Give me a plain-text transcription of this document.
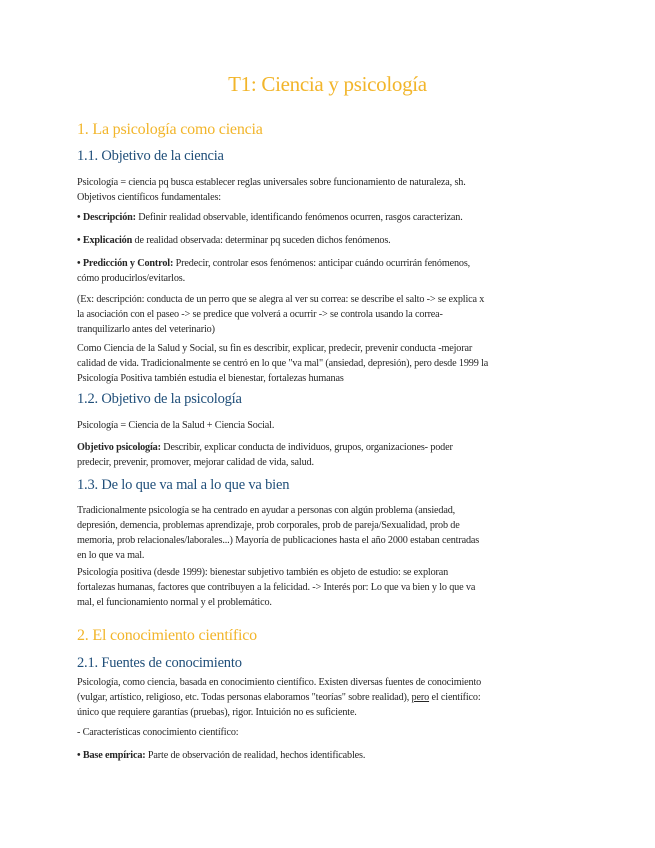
T1: Ciencia y psicología
1. La psicología como ciencia
1.1. Objetivo de la ciencia
Psicología = ciencia pq busca establecer reglas universales sobre funcionamiento de naturaleza, sh.
Objetivos científicos fundamentales:
• Descripción: Definir realidad observable, identificando fenómenos ocurren, rasgos caracterizan.
• Explicación de realidad observada: determinar pq suceden dichos fenómenos.
• Predicción y Control: Predecir, controlar esos fenómenos: anticipar cuándo ocurrirán fenómenos,
cómo producirlos/evitarlos.
(Ex: descripción: conducta de un perro que se alegra al ver su correa: se describe el salto -> se explica x
la asociación con el paseo -> se predice que volverá a ocurrir -> se controla usando la correa-
tranquilizarlo antes del veterinario)
Como Ciencia de la Salud y Social, su fin es describir, explicar, predecir, prevenir conducta -mejorar
calidad de vida. Tradicionalmente se centró en lo que "va mal" (ansiedad, depresión), pero desde 1999 la
Psicología Positiva también estudia el bienestar, fortalezas humanas
1.2. Objetivo de la psicología
Psicología = Ciencia de la Salud + Ciencia Social.
Objetivo psicología: Describir, explicar conducta de individuos, grupos, organizaciones- poder
predecir, prevenir, promover, mejorar calidad de vida, salud.
1.3. De lo que va mal a lo que va bien
Tradicionalmente psicología se ha centrado en ayudar a personas con algún problema (ansiedad,
depresión, demencia, problemas aprendizaje, prob corporales, prob de pareja/Sexualidad, prob de
memoria, prob relacionales/laborales...) Mayoría de publicaciones hasta el año 2000 estaban centradas
en lo que va mal.
Psicología positiva (desde 1999): bienestar subjetivo también es objeto de estudio: se exploran
fortalezas humanas, factores que contribuyen a la felicidad. -> Interés por: Lo que va bien y lo que va
mal, el funcionamiento normal y el problemático.
2. El conocimiento científico
2.1. Fuentes de conocimiento
Psicología, como ciencia, basada en conocimiento científico. Existen diversas fuentes de conocimiento
(vulgar, artístico, religioso, etc. Todas personas elaboramos "teorías" sobre realidad), pero el científico:
único que requiere garantías (pruebas), rigor. Intuición no es suficiente.
- Características conocimiento científico:
• Base empírica: Parte de observación de realidad, hechos identificables.
